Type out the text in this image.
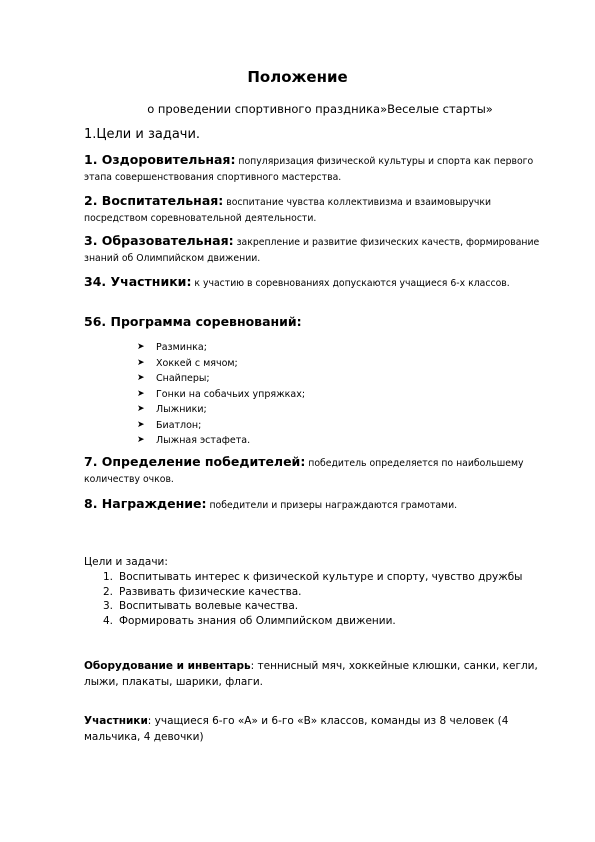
Положение
о проведении спортивного праздника»Веселые старты»
1.Цели и задачи.
1. Оздоровительная: популяризация физической культуры и спорта как первого этапа совершенствования спортивного мастерства.
2. Воспитательная: воспитание чувства коллективизма и взаимовыручки посредством соревновательной деятельности.
3. Образовательная: закрепление и развитие физических качеств, формирование знаний об Олимпийском движении.
34. Участники: к участию в соревнованиях допускаются учащиеся 6-х классов.
56. Программа соревнований:
➤ Разминка;
➤ Хоккей с мячом;
➤ Снайперы;
➤ Гонки на собачьих упряжках;
➤ Лыжники;
➤ Биатлон;
➤ Лыжная эстафета.
7. Определение победителей: победитель определяется по наибольшему количеству очков.
8. Награждение: победители и призеры награждаются грамотами.
Цели и задачи:
1. Воспитывать интерес к физической культуре и спорту, чувство дружбы
2. Развивать физические качества.
3. Воспитывать волевые качества.
4. Формировать знания об Олимпийском движении.
Оборудование и инвентарь: теннисный мяч, хоккейные клюшки, санки, кегли, лыжи, плакаты, шарики, флаги.
Участники: учащиеся 6-го «А» и 6-го «В» классов, команды из 8 человек (4 мальчика, 4 девочки)
